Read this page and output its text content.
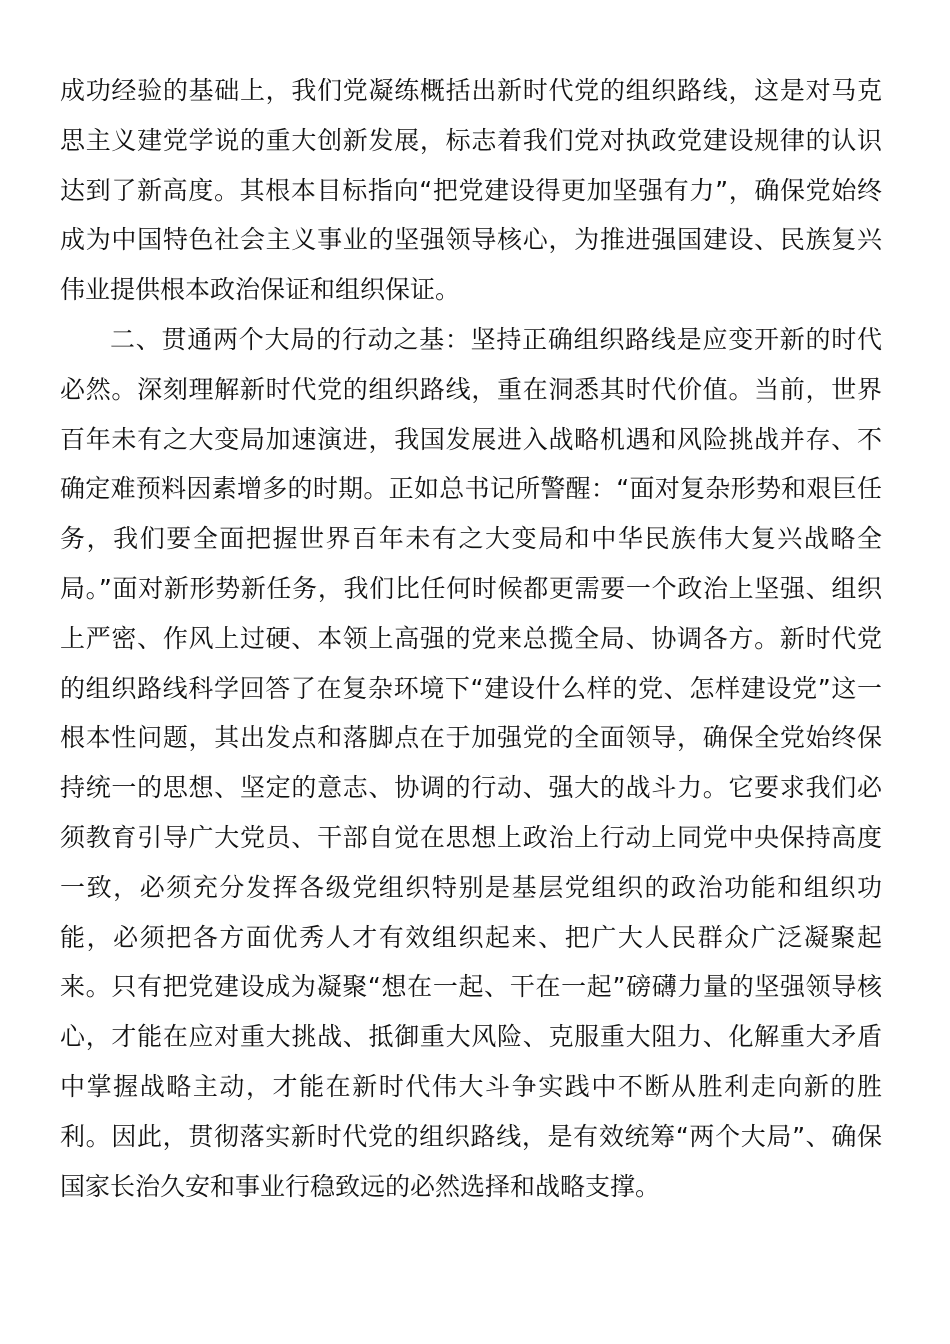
成功经验的基础上，我们党凝练概括出新时代党的组织路线，这是对马克思主义建党学说的重大创新发展，标志着我们党对执政党建设规律的认识达到了新高度。其根本目标指向“把党建设得更加坚强有力”，确保党始终成为中国特色社会主义事业的坚强领导核心，为推进强国建设、民族复兴伟业提供根本政治保证和组织保证。

二、贯通两个大局的行动之基：坚持正确组织路线是应变开新的时代必然。深刻理解新时代党的组织路线，重在洞悉其时代价值。当前，世界百年未有之大变局加速演进，我国发展进入战略机遇和风险挑战并存、不确定难预料因素增多的时期。正如总书记所警醒：“面对复杂形势和艰巨任务，我们要全面把握世界百年未有之大变局和中华民族伟大复兴战略全局。”面对新形势新任务，我们比任何时候都更需要一个政治上坚强、组织上严密、作风上过硬、本领上高强的党来总揽全局、协调各方。新时代党的组织路线科学回答了在复杂环境下“建设什么样的党、怎样建设党”这一根本性问题，其出发点和落脚点在于加强党的全面领导，确保全党始终保持统一的思想、坚定的意志、协调的行动、强大的战斗力。它要求我们必须教育引导广大党员、干部自觉在思想上政治上行动上同党中央保持高度一致，必须充分发挥各级党组织特别是基层党组织的政治功能和组织功能，必须把各方面优秀人才有效组织起来、把广大人民群众广泛凝聚起来。只有把党建设成为凝聚“想在一起、干在一起”磅礴力量的坚强领导核心，才能在应对重大挑战、抵御重大风险、克服重大阻力、化解重大矛盾中掌握战略主动，才能在新时代伟大斗争实践中不断从胜利走向新的胜利。因此，贯彻落实新时代党的组织路线，是有效统筹“两个大局”、确保国家长治久安和事业行稳致远的必然选择和战略支撑。
